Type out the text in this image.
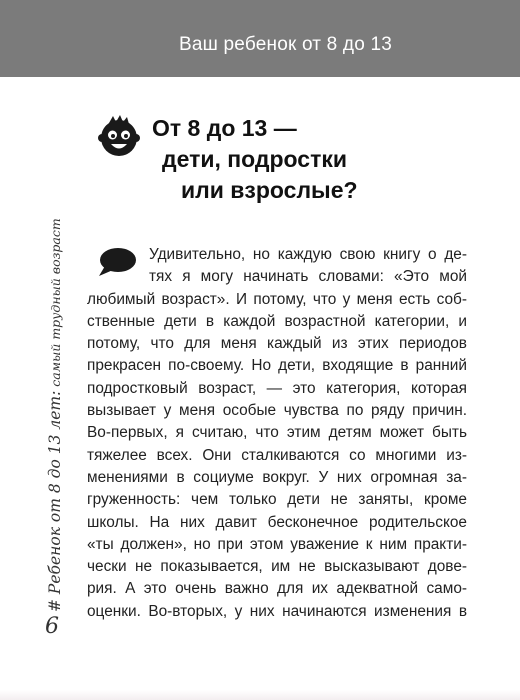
Ваш ребенок от 8 до 13
От 8 до 13 —
дети, подростки
или взрослые?
Удивительно, но каждую свою книгу о де-
тях я могу начинать словами: «Это мой
любимый возраст». И потому, что у меня есть соб-
ственные дети в каждой возрастной категории, и
потому, что для меня каждый из этих периодов
прекрасен по-своему. Но дети, входящие в ранний
подростковый возраст, — это категория, которая
вызывает у меня особые чувства по ряду причин.
Во-первых, я считаю, что этим детям может быть
тяжелее всех. Они сталкиваются со многими из-
менениями в социуме вокруг. У них огромная за-
груженность: чем только дети не заняты, кроме
школы. На них давит бесконечное родительское
«ты должен», но при этом уважение к ним практи-
чески не показывается, им не высказывают дове-
рия. А это очень важно для их адекватной само-
оценки. Во-вторых, у них начинаются изменения в
# Ребенок от 8 до 13 лет: самый трудный возраст
6
